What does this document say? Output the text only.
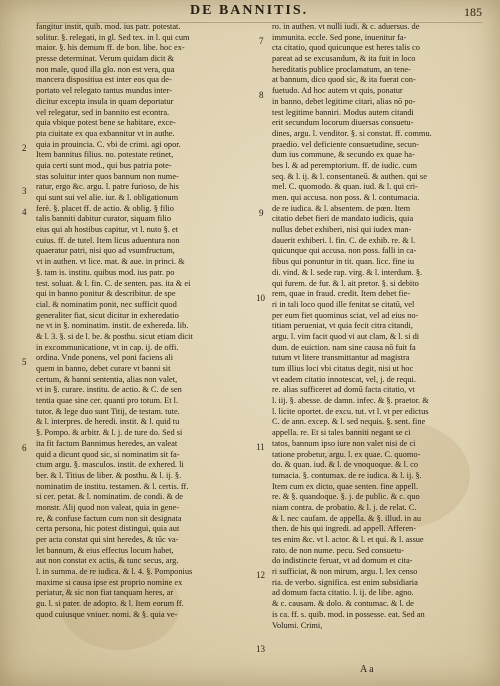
DE BANNITIS.	185
fangitur instit, quib. mod. ius patr. potestat.
solitur. §. relegati, in gl. Sed tex. in l. qui cum
maior. §. his demum ff. de bon. libe. hoc ex-
presse determinat. Verum quidam dicit &
non male, quod illa glo. non est vera, qua
mancera dispositiua est inter eos qua de-
portato vel relegato tantus mundus inter-
dicitur excepta insula in quam deportatur
vel relegatur, sed in bannito est econtra.
quia vbique potest bene se habitare, exce-
pta ciuitate ex qua exbannitur vt in authe.
quia in prouincia. C. vbi de crimi. agi opor.
Item bannitus filius. no. potestate retinet,
quia certi sunt mod., qui bus patria pote-
stas soluitur inter quos bannum non nume-
ratur, ergo &c. argu. l. patre furioso, de his
qui sunt sui vel alie. iur. & l. obligationum
ferè. §. placet ff. de actio. & oblig. § filio
talis banniti dabitur curator, siquam filio
eius qui ab hostibus capitur, vt l. nuto §. et
cuius. ff. de tutel. Item licus aduentura non
quaeratur patri, nisi quo ad vsumfructum,
vt in authen. vt lice. mat. & aue. in princi. &
§. tam is. institu. quibus mod. ius patr. po
test. soluat. & l. fin. C. de senten. pas. ita & ei
qui in banno ponitur & describitur. de spe
cial. & nominatim ponit, nec sufficit quod
generaliter fiat, sicut dicitur in exheredatio
ne vt in §. nominatim. instit. de exhereda. lib.
& l. 3. §. si de l. be. & posthu. sicut etiam dicit
in excommunicatione, vt in cap. ij. de offi.
ordina. Vnde ponens, vel poni faciens ali
quem in banno, debet curare vt banni sit
certum, & banni sententia, alias non valet,
vt in §. curare. institu. de actio. & C. de sen
tentia quae sine cer. quanti pro totum. Et l.
tutor. & lege duo sunt Titij, de testam. tute.
& l. interpres. de heredi. instit. & l. quid tu
§. Pompo. & arbitr. & l. j. de ture do. Sed si
ita fit factum Bannimus heredes, an valeat
quid a dicunt quod sic, si nominatim sit fa-
ctum argu. §. masculos. instit. de exhered. li
ber. & l. Titius de liber. & posthu. & l. ij. §.
nominatim de institu. testamen. & l. certis. ff.
si cer. petat. & l. nominatim. de condi. & de
monstr. Alij quod non valeat, quia in gene-
re, & confuse factum cum non sit designata
certa persona, hic potest distingui, quia aut
per acta constat qui sint heredes, & tūc va-
let bannum, & eius effectus locum habet,
aut non constat ex actis, & tunc secus, arg.
l. in summa. de re iudica. & l. 4. §. Pomponius
maxime si causa ipse est proprio nomine ex
periatur, & sic non fiat tanquam heres, ar
gu. l. si pater. de adopto. & l. Item eorum ff.
quod cuiusque vniuer. nomi. & §. quia ve-
ro. in authen. vt nulli iudi. & c. aduersus. de
immunita. eccle. Sed pone, inuenitur fa-
cta citatio, quod quicunque est heres talis co
pareat ad se excusandum, & ita fuit in loco
hereditatis publice proclamatum, an tene-
at bannum, dico quod sic, & ita fuerat con-
fuetudo. Ad hoc autem vt quis, ponatur
in banno, debet legitime citari, alias nō po-
test legitime banniri. Modus autem citandi
erit secundum locorum diuersas consuetu-
dines, argu. l. venditor. §. si constat. ff. commu.
praedio. vel deficiente consuetudine, secun-
dum ius commune, & secundo ex quae ha-
bes l. & ad peremptorium. ff. de iudic. cum
seq. & l. ij. & l. consentaneū. & authen. qui se
mel. C. quomodo. & quan. iud. & l. qui cri-
men. qui accusa. non poss. & l. contumacia.
de re iudica. & l. absentem. de pœn. Item
citatio debet fieri de mandato iudicis, quia
nullus debet exhiberi, nisi qui iudex man-
dauerit exhiberi. l. fin. C. de exhib. re. & l.
quicunque qui accusa. non poss. falli in ca-
fibus qui ponuntur in tit. quan. licc. fine iu
di. vind. & l. sede rap. virg. & l. interdum. §.
qui furem. de fur. & l. ait pretor. §. si debito
rem, quae in fraud. credit. Item debet fie-
ri in tali loco quod ille fenitat se citatū, vel
per eum fiet quominus sciat, vel ad eius no-
titiam perueniat, vt quia fecit citra citandi,
argu. l. vim facit quod vi aut clam, & l. si di
dum. de euiction. nam sine causa nō fuit fa
tutum vt litere transmittantur ad magistra
tum illius loci vbi citatus degit, nisi ut hoc
vt eadem citatio innotescat, vel, j. de requi.
re. alias sufficeret ad domū facta citatio, vt
l. iij. §. abesse. de damn. infec. & §. praetor. &
l. licite oportet. de excu. tut. vt l. vt per edictus
C. de ann. excep. & l. sed nequis. §. sent. fine
appella. re. Et si tales banniti negant se ci
tatos, bannum ipso iure non valet nisi de ci
tatione probetur, argu. l. ex quae. C. quomo-
do. & quan. iud. & l. de vnoquoque. & l. co
tumacia. §. contumax. de re iudica. & l. ij. §.
Item cum ex dicto, quae senten. fine appell.
re. & §. quandoque. §. j. de public. & c. quo
niam contra. de probatio. & l. j. de relat. C.
& l. nec caufam. de appella. & §. illud. in au
then. de his qui ingredi. ad appell. Afferen-
tes enim &c. vt l. actor. & l. et qui. & l. assue
rato. de non nume. pecu. Sed consuetu-
do indistincte feruat, vt ad domum et cita-
ri sufficiat, & non mirum, argu. l. lex censo
ria. de verbo. significa. est enim subsidiaria
ad domum facta citatio. l. ij. de libe. agno.
& c. causam. & dolo. & contumac. & l. de
is ca. ff. s. quib. mod. in possesse. eat. Sed an
Volumi. Crimi,
2
3
4
5
6
7
8
9
10
11
12
13
A a
